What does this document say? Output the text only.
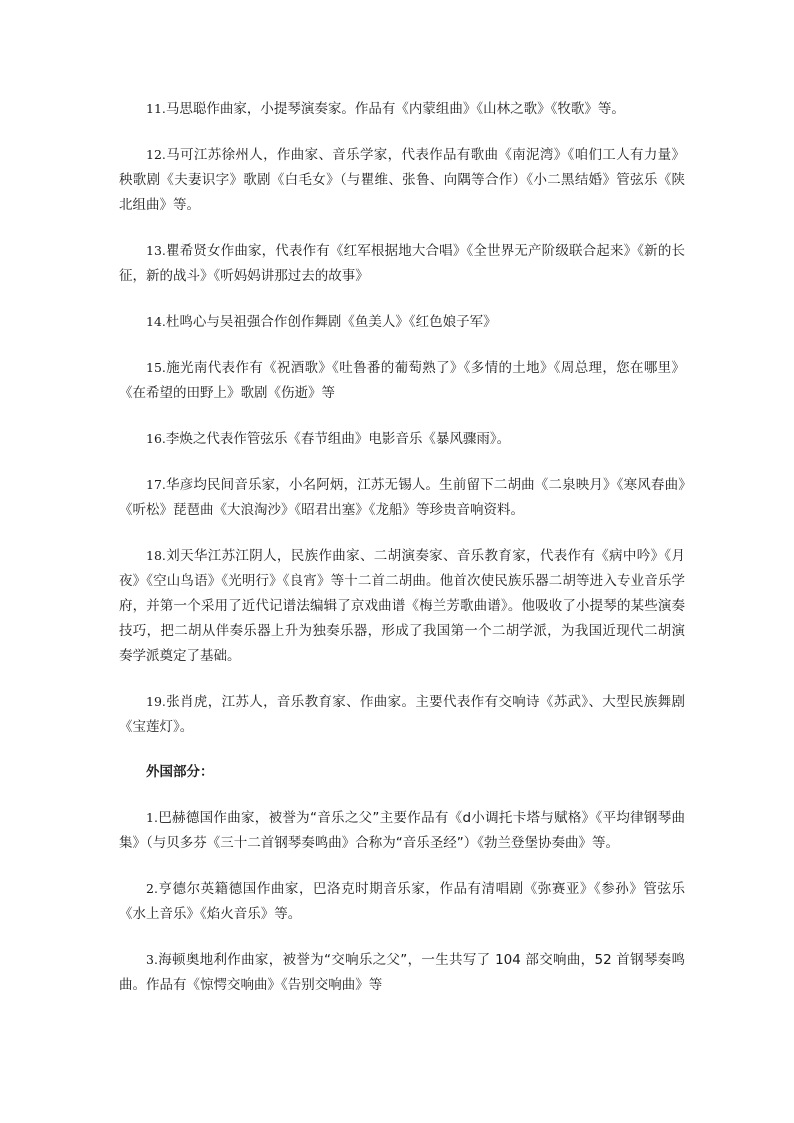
11.马思聪作曲家，小提琴演奏家。作品有《内蒙组曲》《山林之歌》《牧歌》等。

12.马可江苏徐州人，作曲家、音乐学家，代表作品有歌曲《南泥湾》《咱们工人有力量》秧歌剧《夫妻识字》歌剧《白毛女》（与瞿维、张鲁、向隅等合作）《小二黑结婚》管弦乐《陕北组曲》等。

13.瞿希贤女作曲家，代表作有《红军根据地大合唱》《全世界无产阶级联合起来》《新的长征，新的战斗》《听妈妈讲那过去的故事》

14.杜鸣心与吴祖强合作创作舞剧《鱼美人》《红色娘子军》

15.施光南代表作有《祝酒歌》《吐鲁番的葡萄熟了》《多情的土地》《周总理，您在哪里》《在希望的田野上》歌剧《伤逝》等

16.李焕之代表作管弦乐《春节组曲》电影音乐《暴风骤雨》。

17.华彦均民间音乐家，小名阿炳，江苏无锡人。生前留下二胡曲《二泉映月》《寒风春曲》《听松》琵琶曲《大浪淘沙》《昭君出塞》《龙船》等珍贵音响资料。

18.刘天华江苏江阴人，民族作曲家、二胡演奏家、音乐教育家，代表作有《病中吟》《月夜》《空山鸟语》《光明行》《良宵》等十二首二胡曲。他首次使民族乐器二胡等进入专业音乐学府，并第一个采用了近代记谱法编辑了京戏曲谱《梅兰芳歌曲谱》。他吸收了小提琴的某些演奏技巧，把二胡从伴奏乐器上升为独奏乐器，形成了我国第一个二胡学派，为我国近现代二胡演奏学派奠定了基础。

19.张肖虎，江苏人，音乐教育家、作曲家。主要代表作有交响诗《苏武》、大型民族舞剧《宝莲灯》。

外国部分：

1.巴赫德国作曲家，被誉为“音乐之父”主要作品有《d小调托卡塔与赋格》《平均律钢琴曲集》（与贝多芬《三十二首钢琴奏鸣曲》合称为“音乐圣经”）《勃兰登堡协奏曲》等。

2.亨德尔英籍德国作曲家，巴洛克时期音乐家，作品有清唱剧《弥赛亚》《参孙》管弦乐《水上音乐》《焰火音乐》等。

3.海顿奥地利作曲家，被誉为“交响乐之父”，一生共写了 104 部交响曲，52 首钢琴奏鸣曲。作品有《惊愕交响曲》《告别交响曲》等
